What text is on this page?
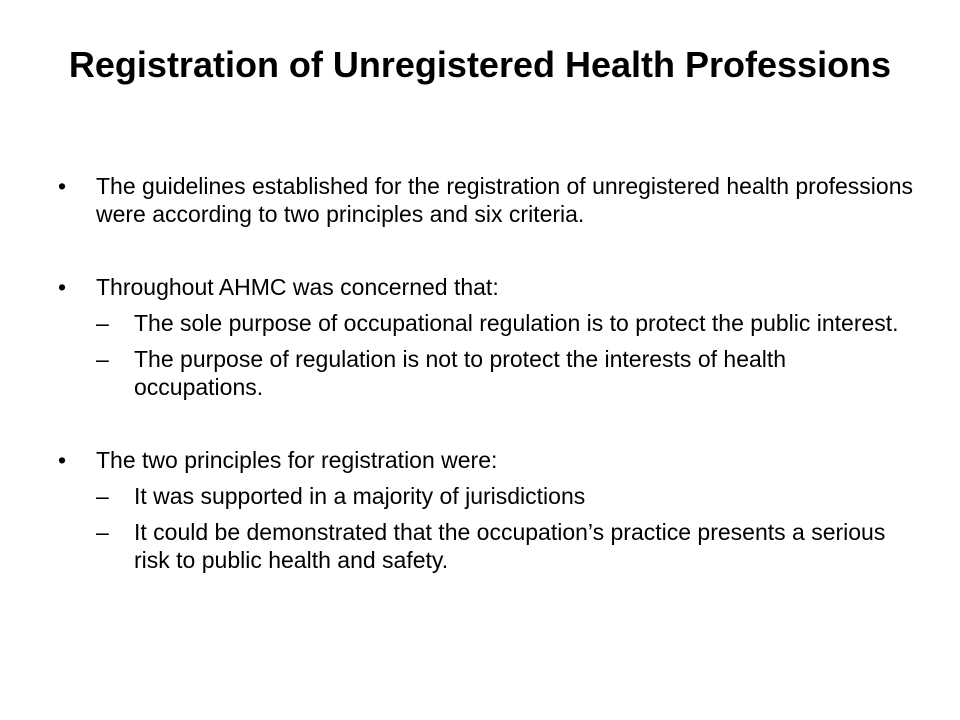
Registration of Unregistered Health Professions
• The guidelines established for the registration of unregistered health professions were according to two principles and six criteria.
• Throughout AHMC was concerned that:
– The sole purpose of occupational regulation is to protect the public interest.
– The purpose of regulation is not to protect the interests of health occupations.
• The two principles for registration were:
– It was supported in a majority of jurisdictions
– It could be demonstrated that the occupation’s practice presents a serious risk to public health and safety.
